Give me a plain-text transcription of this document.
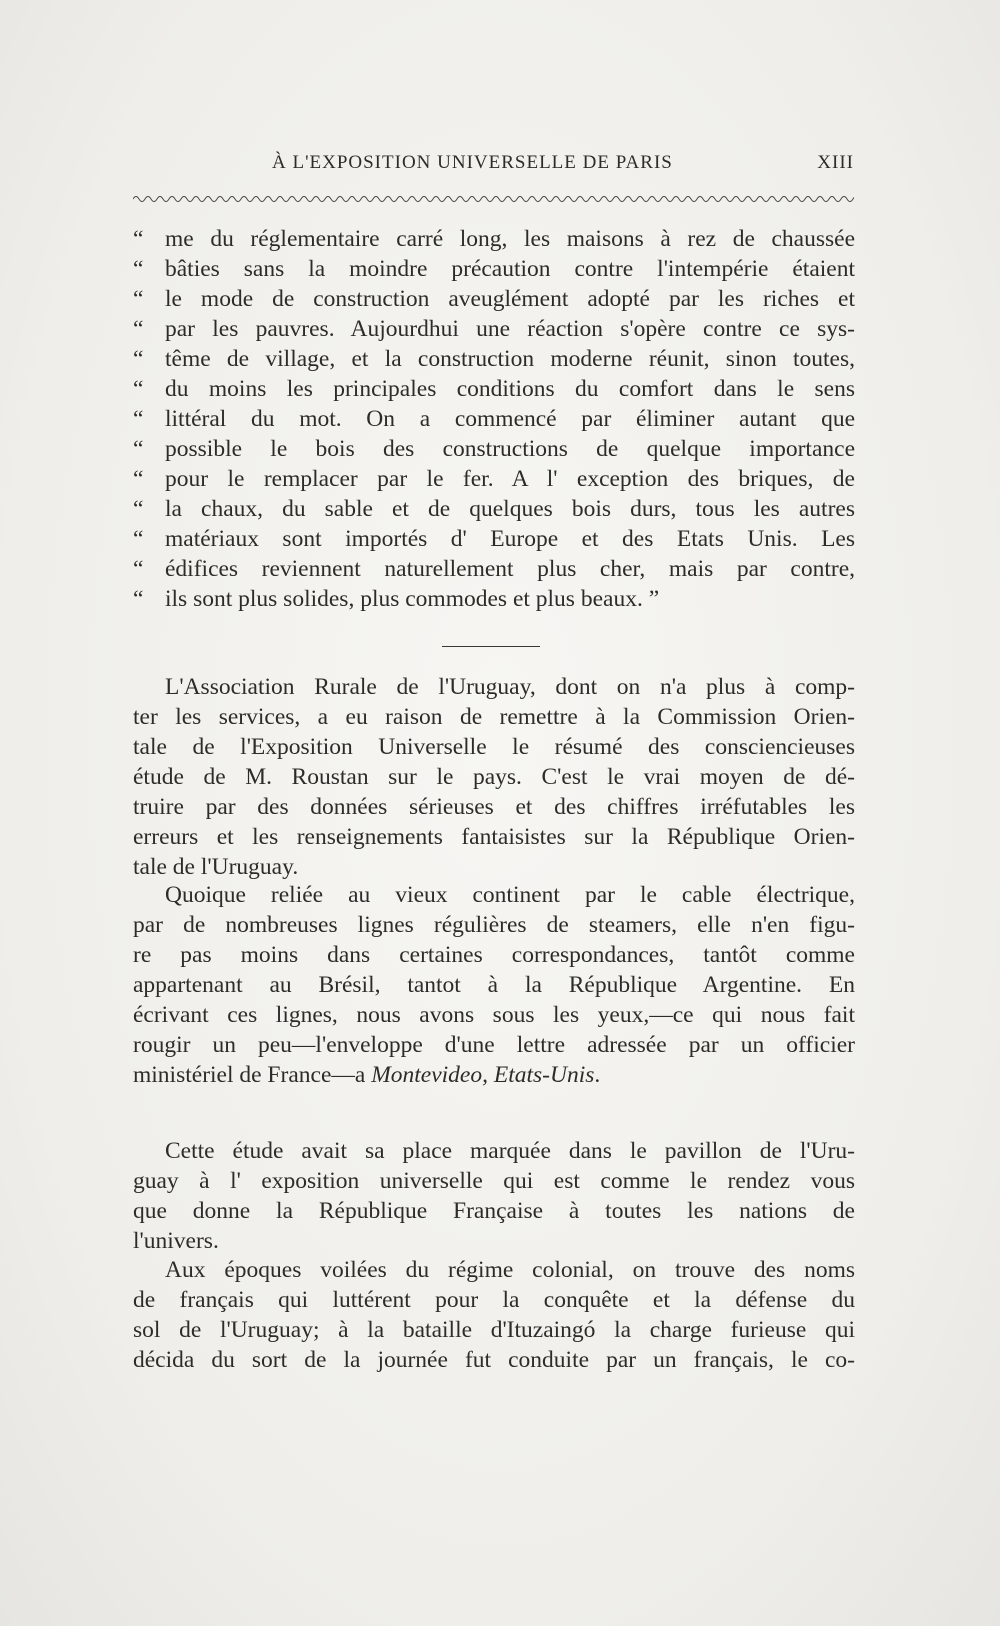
À L'EXPOSITION UNIVERSELLE DE PARIS	XIII
“ me du réglementaire carré long, les maisons à rez de chaussée
“ bâties sans la moindre précaution contre l'intempérie étaient
“ le mode de construction aveuglément adopté par les riches et
“ par les pauvres. Aujourdhui une réaction s'opère contre ce sys-
“ tême de village, et la construction moderne réunit, sinon toutes,
“ du moins les principales conditions du comfort dans le sens
“ littéral du mot. On a commencé par éliminer autant que
“ possible le bois des constructions de quelque importance
“ pour le remplacer par le fer. A l' exception des briques, de
“ la chaux, du sable et de quelques bois durs, tous les autres
“ matériaux sont importés d' Europe et des Etats Unis. Les
“ édifices reviennent naturellement plus cher, mais par contre,
“ ils sont plus solides, plus commodes et plus beaux. ”
L'Association Rurale de l'Uruguay, dont on n'a plus à comp-
ter les services, a eu raison de remettre à la Commission Orien-
tale de l'Exposition Universelle le résumé des consciencieuses
étude de M. Roustan sur le pays. C'est le vrai moyen de dé-
truire par des données sérieuses et des chiffres irréfutables les
erreurs et les renseignements fantaisistes sur la République Orien-
tale de l'Uruguay.
Quoique reliée au vieux continent par le cable électrique,
par de nombreuses lignes régulières de steamers, elle n'en figu-
re pas moins dans certaines correspondances, tantôt comme
appartenant au Brésil, tantot à la République Argentine. En
écrivant ces lignes, nous avons sous les yeux,—ce qui nous fait
rougir un peu—l'enveloppe d'une lettre adressée par un officier
ministériel de France—a Montevideo, Etats-Unis.
Cette étude avait sa place marquée dans le pavillon de l'Uru-
guay à l' exposition universelle qui est comme le rendez vous
que donne la République Française à toutes les nations de
l'univers.
Aux époques voilées du régime colonial, on trouve des noms
de français qui luttérent pour la conquête et la défense du
sol de l'Uruguay; à la bataille d'Ituzaingó la charge furieuse qui
décida du sort de la journée fut conduite par un français, le co-
